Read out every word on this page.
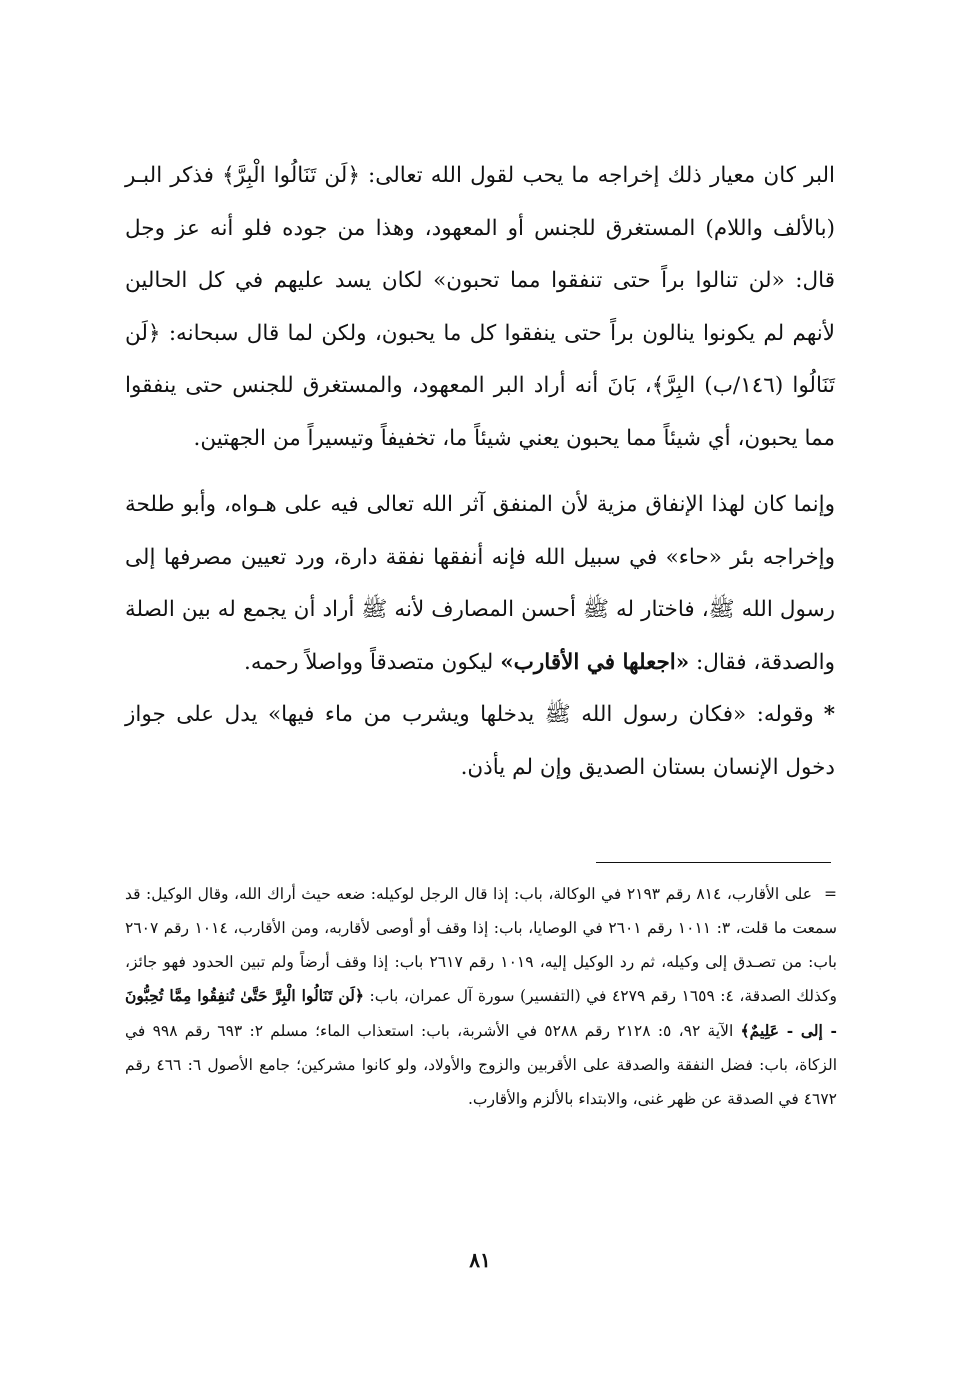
البر كان معيار ذلك إخراجه ما يحب لقول الله تعالى: ﴿لَن تَنَالُوا الْبِرَّ﴾ فذكر البـر (بالألف واللام) المستغرق للجنس أو المعهود، وهذا من جوده فلو أنه عز وجل قال: «لن تنالوا براً حتى تنفقوا مما تحبون» لكان يسد عليهم في كل الحالين لأنهم لم يكونوا ينالون براً حتى ينفقوا كل ما يحبون، ولكن لما قال سبحانه: ﴿لَن تَنَالُوا (١٤٦/ب) البِرَّ﴾، بَانَ أنه أراد البر المعهود، والمستغرق للجنس حتى ينفقوا مما يحبون، أي شيئاً مما يحبون يعني شيئاً ما، تخفيفاً وتيسيراً من الجهتين.

وإنما كان لهذا الإنفاق مزية لأن المنفق آثر الله تعالى فيه على هـواه، وأبو طلحة وإخراجه بئر «حاء» في سبيل الله فإنه أنفقها نفقة دارة، ورد تعيين مصرفها إلى رسول الله ﷺ، فاختار له ﷺ أحسن المصارف لأنه ﷺ أراد أن يجمع له بين الصلة والصدقة، فقال: «اجعلها في الأقارب» ليكون متصدقاً وواصلاً رحمه.

*وقوله: «فكان رسول الله ﷺ يدخلها ويشرب من ماء فيها» يدل على جواز دخول الإنسان بستان الصديق وإن لم يأذن.

=على الأقارب، ٨١٤ رقم ٢١٩٣ في الوكالة، باب: إذا قال الرجل لوكيله: ضعه حيث أراك الله، وقال الوكيل: قد سمعت ما قلت، ٣: ١٠١١ رقم ٢٦٠١ في الوصايا، باب: إذا وقف أو أوصى لأقاربه، ومن الأقارب، ١٠١٤ رقم ٢٦٠٧ باب: من تصـدق إلى وكيله، ثم رد الوكيل إليه، ١٠١٩ رقم ٢٦١٧ باب: إذا وقف أرضاً ولم تبين الحدود فهو جائز، وكذلك الصدقة، ٤: ١٦٥٩ رقم ٤٢٧٩ في (التفسير) سورة آل عمران، باب: ﴿لَن تَنَالُوا الْبِرَّ حَتَّىٰ تُنفِقُوا مِمَّا تُحِبُّونَ - إلى - عَلِيمٌ﴾ الآية ٩٢، ٥: ٢١٢٨ رقم ٥٢٨٨ في الأشربة، باب: استعذاب الماء؛ مسلم ٢: ٦٩٣ رقم ٩٩٨ في الزكاة، باب: فضل النفقة والصدقة على الأقربين والزوج والأولاد، ولو كانوا مشركين؛ جامع الأصول ٦: ٤٦٦ رقم ٤٦٧٢ في الصدقة عن ظهر غنى، والابتداء بالألزم والأقارب.

٨١
